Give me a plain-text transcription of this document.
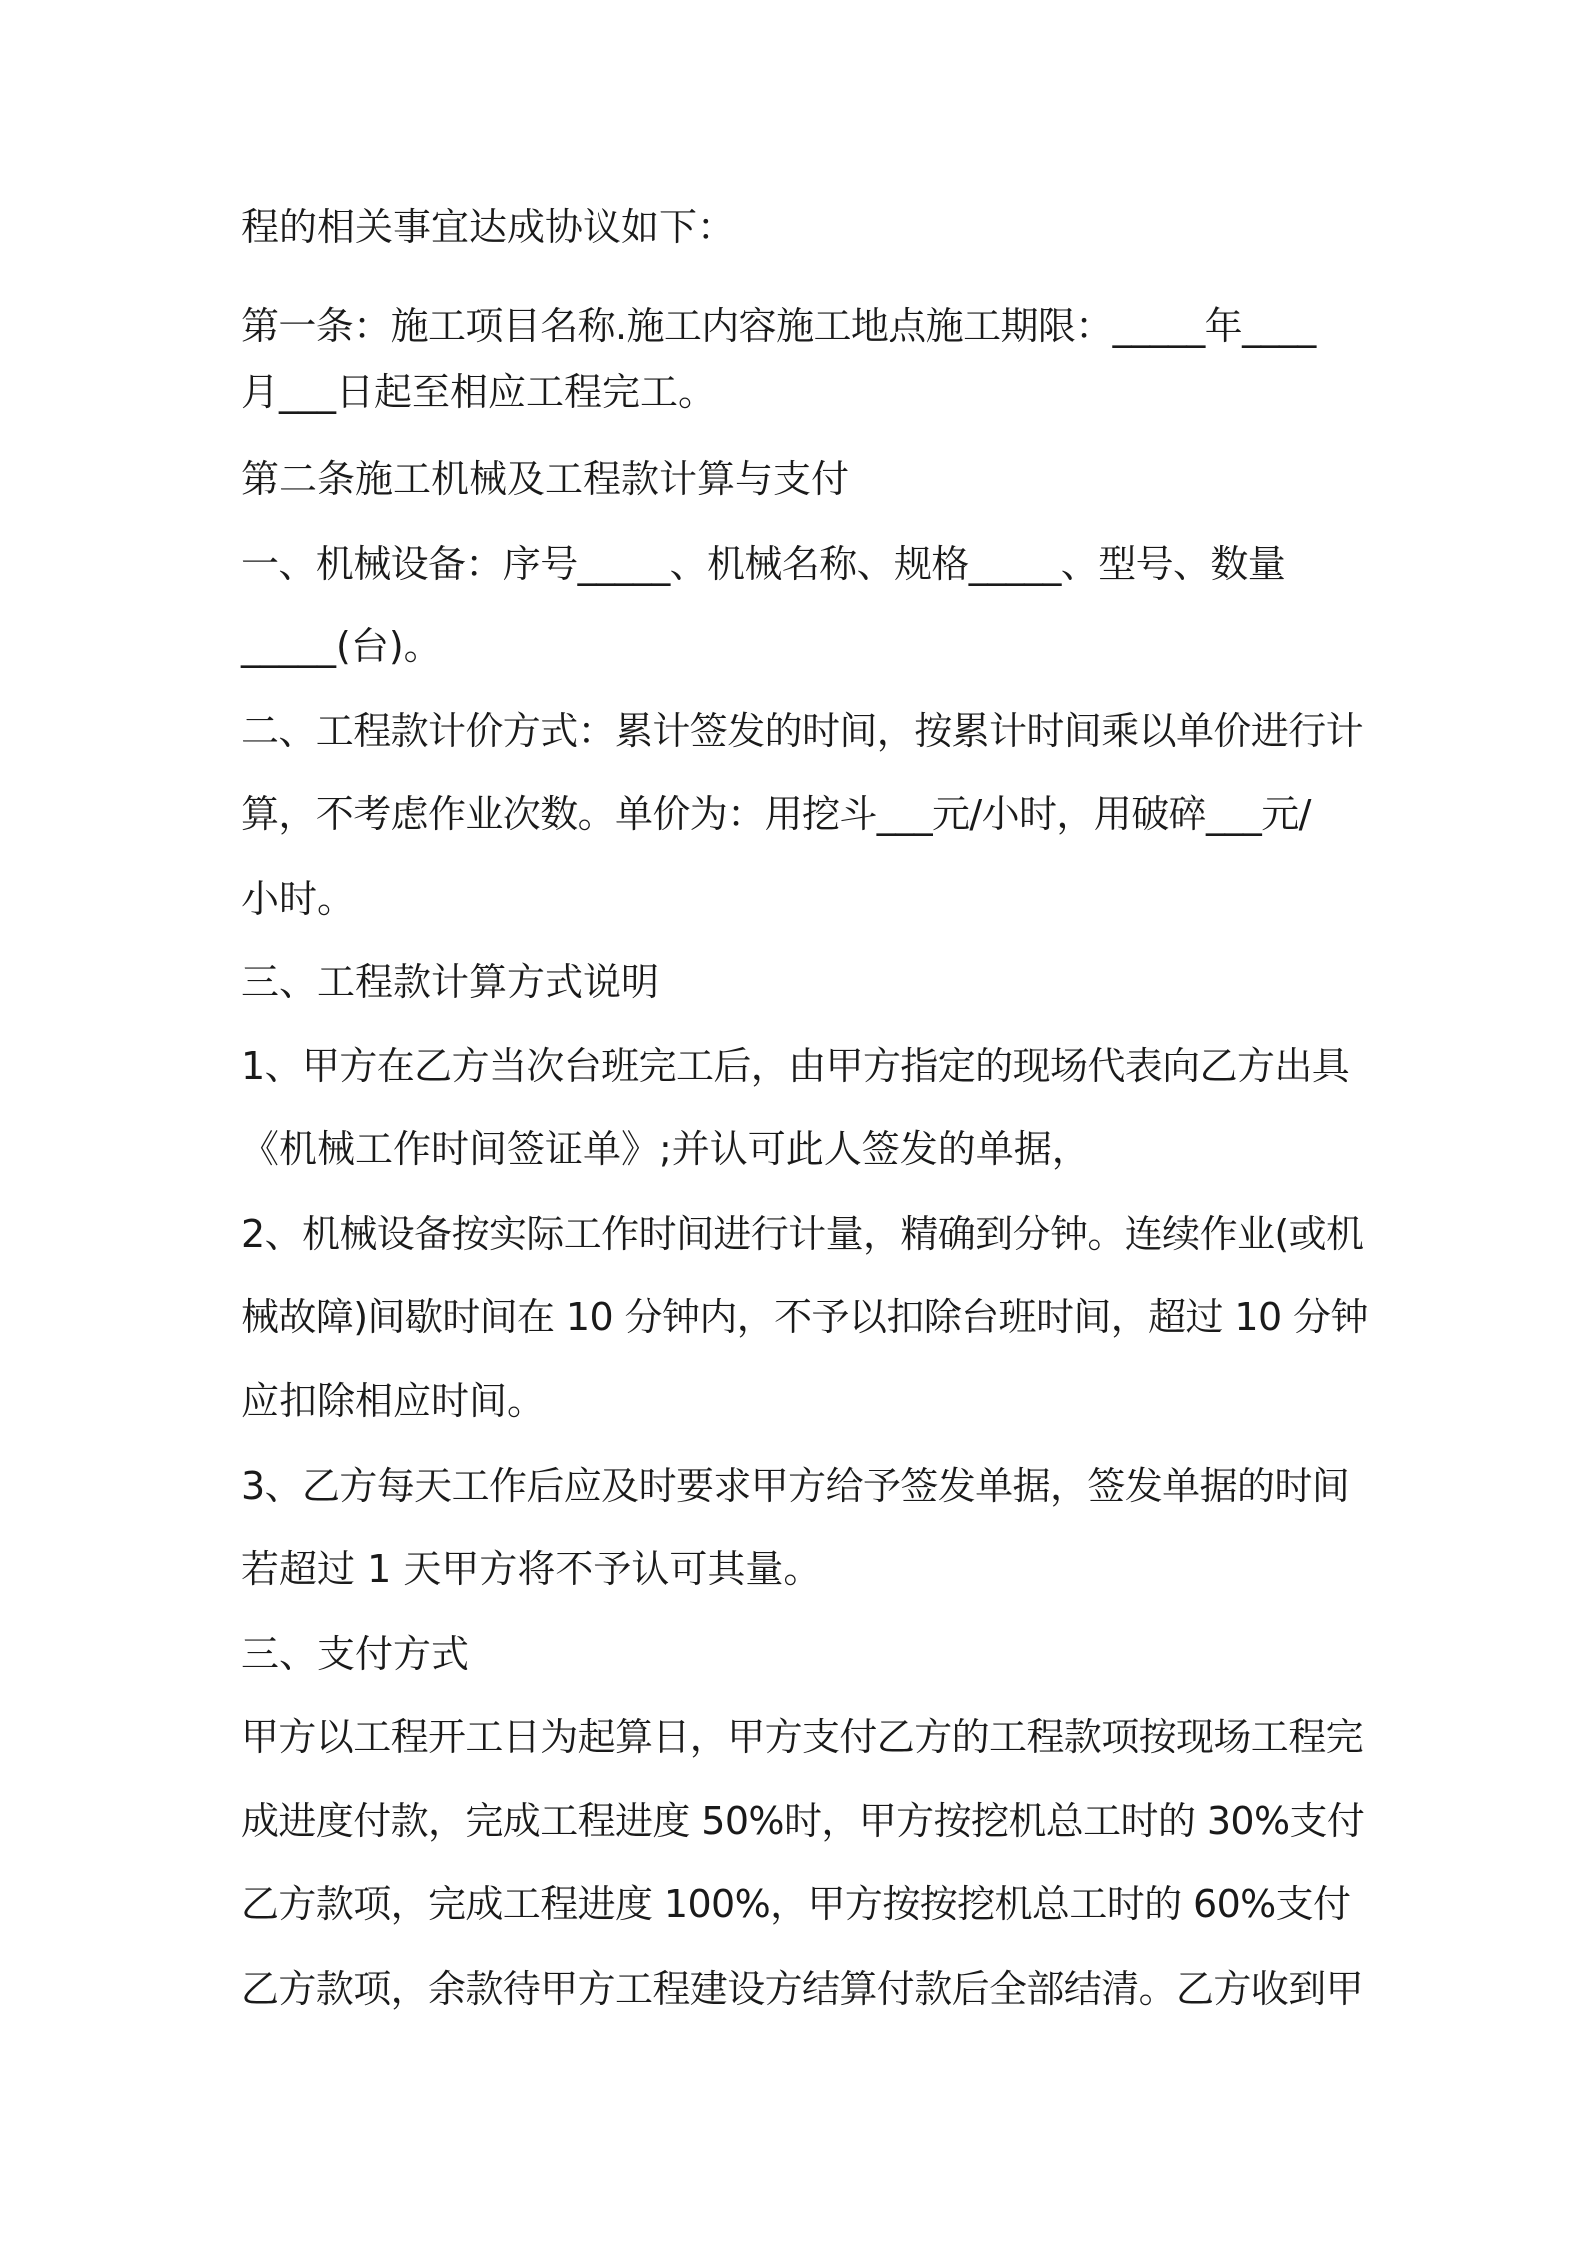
程的相关事宜达成协议如下：

第一条：施工项目名称.施工内容施工地点施工期限：_____年____

月___日起至相应工程完工。

第二条施工机械及工程款计算与支付

一、机械设备：序号_____、机械名称、规格_____、型号、数量

_____(台)。

二、工程款计价方式：累计签发的时间，按累计时间乘以单价进行计

算，不考虑作业次数。单价为：用挖斗___元/小时，用破碎___元/

小时。

三、工程款计算方式说明

1、甲方在乙方当次台班完工后，由甲方指定的现场代表向乙方出具

《机械工作时间签证单》;并认可此人签发的单据，

2、机械设备按实际工作时间进行计量，精确到分钟。连续作业(或机

械故障)间歇时间在 10 分钟内，不予以扣除台班时间，超过 10 分钟

应扣除相应时间。

3、乙方每天工作后应及时要求甲方给予签发单据，签发单据的时间

若超过 1 天甲方将不予认可其量。

三、支付方式

甲方以工程开工日为起算日，甲方支付乙方的工程款项按现场工程完

成进度付款，完成工程进度 50%时，甲方按挖机总工时的 30%支付

乙方款项，完成工程进度 100%，甲方按按挖机总工时的 60%支付

乙方款项，余款待甲方工程建设方结算付款后全部结清。乙方收到甲
